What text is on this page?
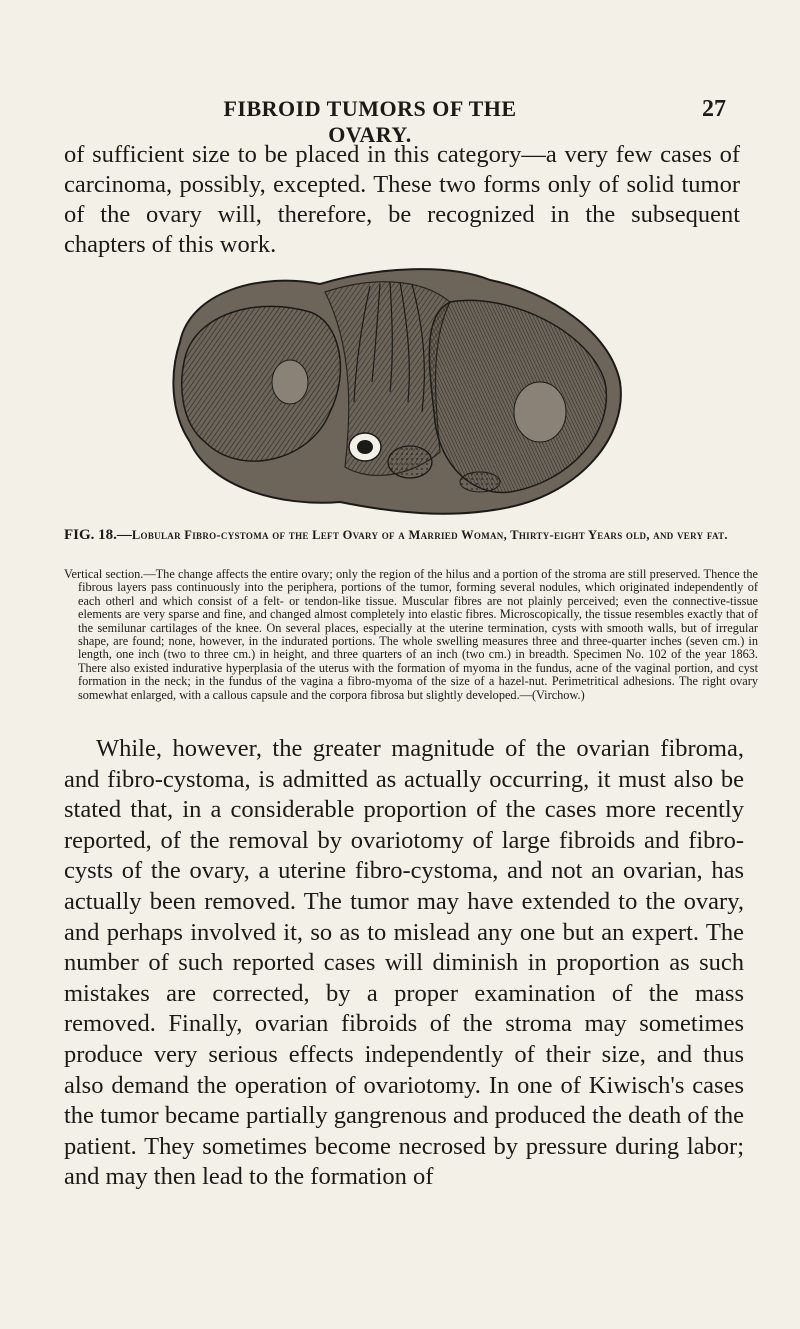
FIBROID TUMORS OF THE OVARY.
27

of sufficient size to be placed in this category—a very few cases of carcinoma, possibly, excepted. These two forms only of solid tumor of the ovary will, therefore, be recognized in the subsequent chapters of this work.

FIG. 18.—Lobular Fibro-cystoma of the Left Ovary of a Married Woman, Thirty-eight Years old, and very fat.

Vertical section.—The change affects the entire ovary; only the region of the hilus and a portion of the stroma are still preserved. Thence the fibrous layers pass continuously into the periphera, portions of the tumor, forming several nodules, which originated independently of each otherl and which consist of a felt- or tendon-like tissue. Muscular fibres are not plainly perceived; even the connective-tissue elements are very sparse and fine, and changed almost completely into elastic fibres. Microscopically, the tissue resembles exactly that of the semilunar cartilages of the knee. On several places, especially at the uterine termination, cysts with smooth walls, but of irregular shape, are found; none, however, in the indurated portions. The whole swelling measures three and three-quarter inches (seven cm.) in length, one inch (two to three cm.) in height, and three quarters of an inch (two cm.) in breadth. Specimen No. 102 of the year 1863. There also existed indurative hyperplasia of the uterus with the formation of myoma in the fundus, acne of the vaginal portion, and cyst formation in the neck; in the fundus of the vagina a fibro-myoma of the size of a hazel-nut. Perimetritical adhesions. The right ovary somewhat enlarged, with a callous capsule and the corpora fibrosa but slightly developed.—(Virchow.)

While, however, the greater magnitude of the ovarian fibroma, and fibro-cystoma, is admitted as actually occurring, it must also be stated that, in a considerable proportion of the cases more recently reported, of the removal by ovariotomy of large fibroids and fibro-cysts of the ovary, a uterine fibro-cystoma, and not an ovarian, has actually been removed. The tumor may have extended to the ovary, and perhaps involved it, so as to mislead any one but an expert. The number of such reported cases will diminish in proportion as such mistakes are corrected, by a proper examination of the mass removed. Finally, ovarian fibroids of the stroma may sometimes produce very serious effects independently of their size, and thus also demand the operation of ovariotomy. In one of Kiwisch's cases the tumor became partially gangrenous and produced the death of the patient. They sometimes become necrosed by pressure during labor; and may then lead to the formation of
